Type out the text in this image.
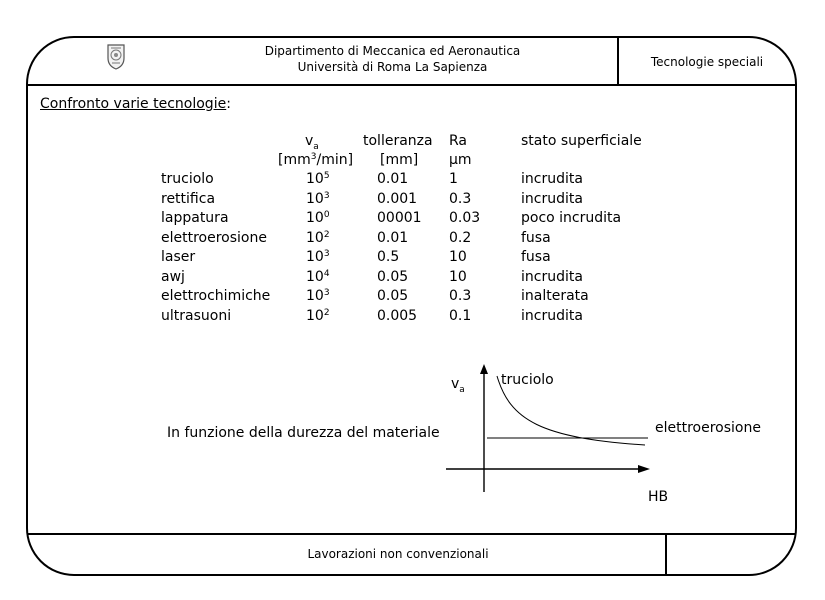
Dipartimento di Meccanica ed Aeronautica
Università di Roma La Sapienza	Tecnologie speciali
Confronto varie tecnologie:
$v_a$
$[mm^3/\min]$
tolleranza
[mm]
Ra
μm
stato superficiale
truciolo
rettifica
lappatura
elettroerosione
laser
awj
elettrochimiche
ultrasuoni
$10^5$
$10^3$
$10^0$
$10^2$
$10^3$
$10^4$
$10^3$
$10^2$
0.01
0.001
00001
0.01
0.5
0.05
0.05
0.005
1
0.3
0.03
0.2
10
10
0.3
0.1
incrudita
incrudita
poco incrudita
fusa
fusa
incrudita
inalterata
incrudita
In funzione della durezza del materiale
$v_a$
HB
truciolo
elettroerosione
Lavorazioni non convenzionali
